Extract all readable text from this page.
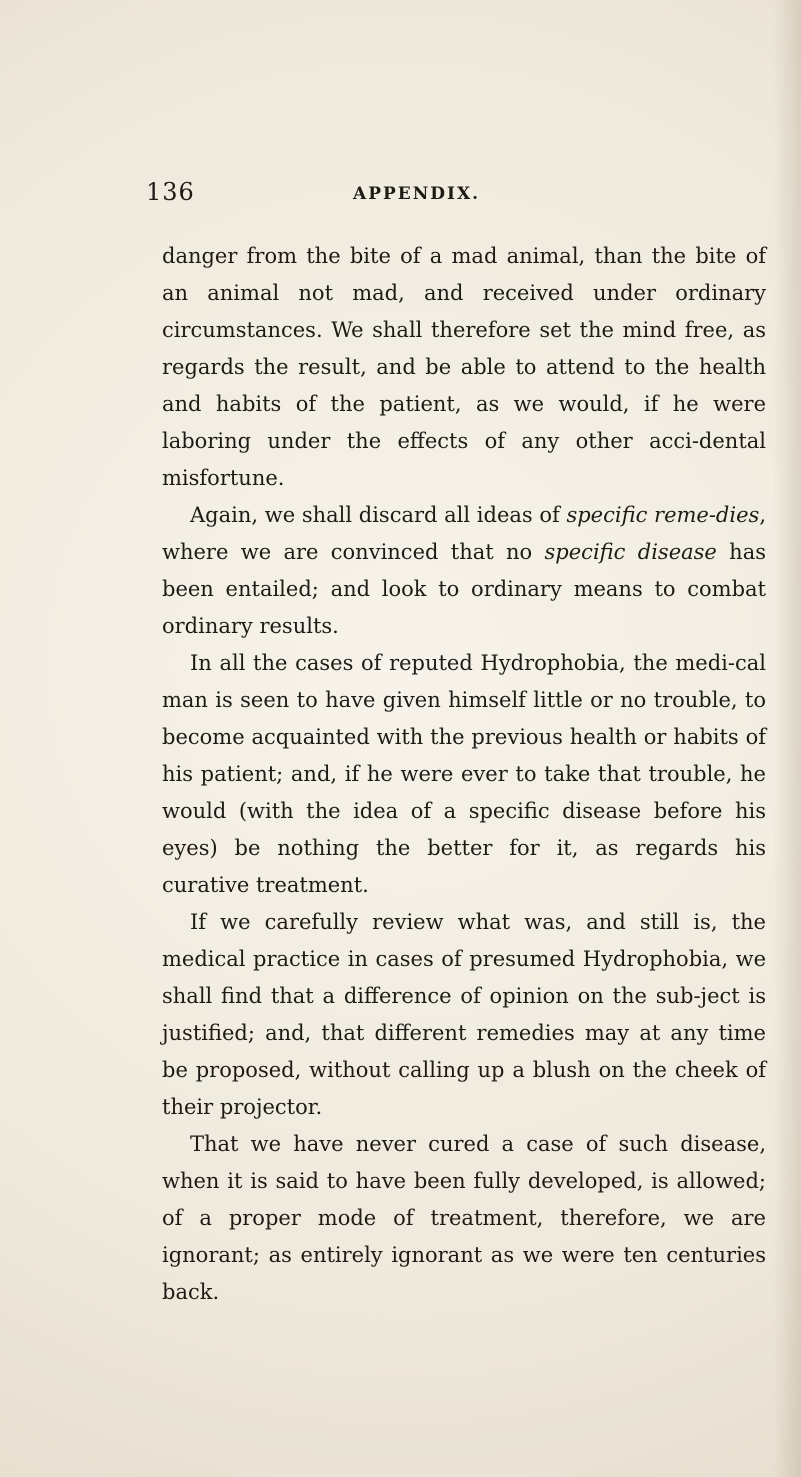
136	APPENDIX.

danger from the bite of a mad animal, than the bite of an animal not mad, and received under ordinary circumstances. We shall therefore set the mind free, as regards the result, and be able to attend to the health and habits of the patient, as we would, if he were laboring under the effects of any other acci-dental misfortune.

Again, we shall discard all ideas of specific reme-dies, where we are convinced that no specific disease has been entailed; and look to ordinary means to combat ordinary results.

In all the cases of reputed Hydrophobia, the medi-cal man is seen to have given himself little or no trouble, to become acquainted with the previous health or habits of his patient; and, if he were ever to take that trouble, he would (with the idea of a specific disease before his eyes) be nothing the better for it, as regards his curative treatment.

If we carefully review what was, and still is, the medical practice in cases of presumed Hydrophobia, we shall find that a difference of opinion on the sub-ject is justified; and, that different remedies may at any time be proposed, without calling up a blush on the cheek of their projector.

That we have never cured a case of such disease, when it is said to have been fully developed, is allowed; of a proper mode of treatment, therefore, we are ignorant; as entirely ignorant as we were ten centuries back.
